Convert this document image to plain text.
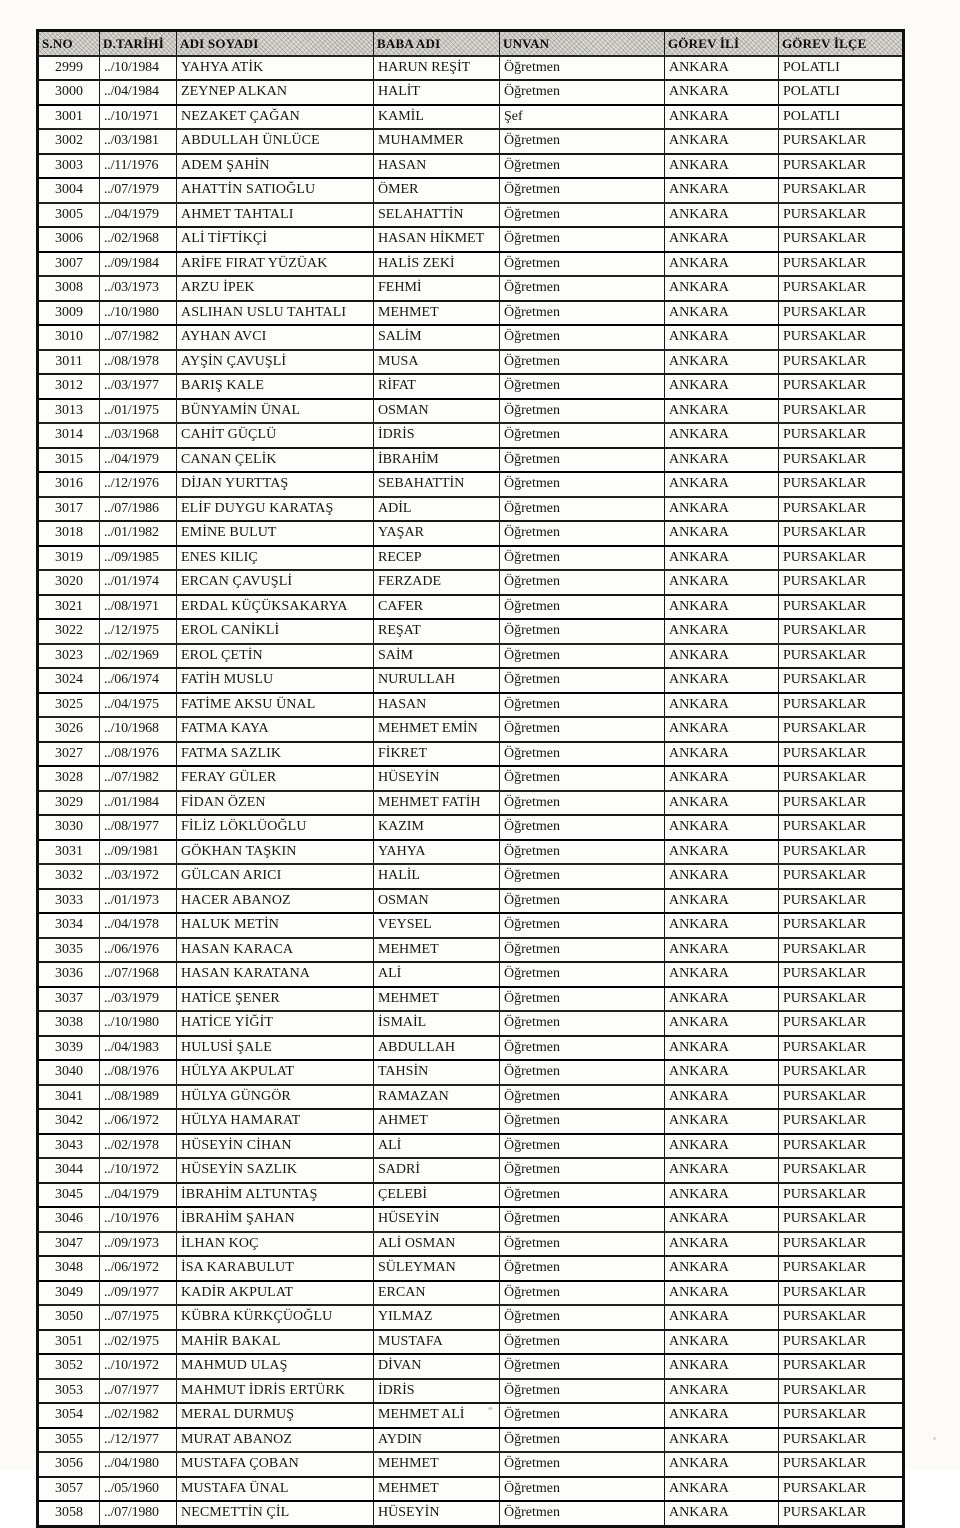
S.NO	D.TARİHİ	ADI SOYADI	BABA ADI	UNVAN	GÖREV İLİ	GÖREV İLÇE
2999	../10/1984	YAHYA ATİK	HARUN REŞİT	Öğretmen	ANKARA	POLATLI
3000	../04/1984	ZEYNEP ALKAN	HALİT	Öğretmen	ANKARA	POLATLI
3001	../10/1971	NEZAKET ÇAĞAN	KAMİL	Şef	ANKARA	POLATLI
3002	../03/1981	ABDULLAH ÜNLÜCE	MUHAMMER	Öğretmen	ANKARA	PURSAKLAR
3003	../11/1976	ADEM ŞAHİN	HASAN	Öğretmen	ANKARA	PURSAKLAR
3004	../07/1979	AHATTİN SATIOĞLU	ÖMER	Öğretmen	ANKARA	PURSAKLAR
3005	../04/1979	AHMET TAHTALI	SELAHATTİN	Öğretmen	ANKARA	PURSAKLAR
3006	../02/1968	ALİ TİFTİKÇİ	HASAN HİKMET	Öğretmen	ANKARA	PURSAKLAR
3007	../09/1984	ARİFE FIRAT YÜZÜAK	HALİS ZEKİ	Öğretmen	ANKARA	PURSAKLAR
3008	../03/1973	ARZU İPEK	FEHMİ	Öğretmen	ANKARA	PURSAKLAR
3009	../10/1980	ASLIHAN USLU TAHTALI	MEHMET	Öğretmen	ANKARA	PURSAKLAR
3010	../07/1982	AYHAN AVCI	SALİM	Öğretmen	ANKARA	PURSAKLAR
3011	../08/1978	AYŞİN ÇAVUŞLİ	MUSA	Öğretmen	ANKARA	PURSAKLAR
3012	../03/1977	BARIŞ KALE	RİFAT	Öğretmen	ANKARA	PURSAKLAR
3013	../01/1975	BÜNYAMİN ÜNAL	OSMAN	Öğretmen	ANKARA	PURSAKLAR
3014	../03/1968	CAHİT GÜÇLÜ	İDRİS	Öğretmen	ANKARA	PURSAKLAR
3015	../04/1979	CANAN ÇELİK	İBRAHİM	Öğretmen	ANKARA	PURSAKLAR
3016	../12/1976	DİJAN YURTTAŞ	SEBAHATTİN	Öğretmen	ANKARA	PURSAKLAR
3017	../07/1986	ELİF DUYGU KARATAŞ	ADİL	Öğretmen	ANKARA	PURSAKLAR
3018	../01/1982	EMİNE BULUT	YAŞAR	Öğretmen	ANKARA	PURSAKLAR
3019	../09/1985	ENES KILIÇ	RECEP	Öğretmen	ANKARA	PURSAKLAR
3020	../01/1974	ERCAN ÇAVUŞLİ	FERZADE	Öğretmen	ANKARA	PURSAKLAR
3021	../08/1971	ERDAL KÜÇÜKSAKARYA	CAFER	Öğretmen	ANKARA	PURSAKLAR
3022	../12/1975	EROL CANİKLİ	REŞAT	Öğretmen	ANKARA	PURSAKLAR
3023	../02/1969	EROL ÇETİN	SAİM	Öğretmen	ANKARA	PURSAKLAR
3024	../06/1974	FATİH MUSLU	NURULLAH	Öğretmen	ANKARA	PURSAKLAR
3025	../04/1975	FATİME AKSU ÜNAL	HASAN	Öğretmen	ANKARA	PURSAKLAR
3026	../10/1968	FATMA KAYA	MEHMET EMİN	Öğretmen	ANKARA	PURSAKLAR
3027	../08/1976	FATMA SAZLIK	FİKRET	Öğretmen	ANKARA	PURSAKLAR
3028	../07/1982	FERAY GÜLER	HÜSEYİN	Öğretmen	ANKARA	PURSAKLAR
3029	../01/1984	FİDAN ÖZEN	MEHMET FATİH	Öğretmen	ANKARA	PURSAKLAR
3030	../08/1977	FİLİZ LÖKLÜOĞLU	KAZIM	Öğretmen	ANKARA	PURSAKLAR
3031	../09/1981	GÖKHAN TAŞKIN	YAHYA	Öğretmen	ANKARA	PURSAKLAR
3032	../03/1972	GÜLCAN ARICI	HALİL	Öğretmen	ANKARA	PURSAKLAR
3033	../01/1973	HACER ABANOZ	OSMAN	Öğretmen	ANKARA	PURSAKLAR
3034	../04/1978	HALUK METİN	VEYSEL	Öğretmen	ANKARA	PURSAKLAR
3035	../06/1976	HASAN KARACA	MEHMET	Öğretmen	ANKARA	PURSAKLAR
3036	../07/1968	HASAN KARATANA	ALİ	Öğretmen	ANKARA	PURSAKLAR
3037	../03/1979	HATİCE ŞENER	MEHMET	Öğretmen	ANKARA	PURSAKLAR
3038	../10/1980	HATİCE YİĞİT	İSMAİL	Öğretmen	ANKARA	PURSAKLAR
3039	../04/1983	HULUSİ ŞALE	ABDULLAH	Öğretmen	ANKARA	PURSAKLAR
3040	../08/1976	HÜLYA AKPULAT	TAHSİN	Öğretmen	ANKARA	PURSAKLAR
3041	../08/1989	HÜLYA GÜNGÖR	RAMAZAN	Öğretmen	ANKARA	PURSAKLAR
3042	../06/1972	HÜLYA HAMARAT	AHMET	Öğretmen	ANKARA	PURSAKLAR
3043	../02/1978	HÜSEYİN CİHAN	ALİ	Öğretmen	ANKARA	PURSAKLAR
3044	../10/1972	HÜSEYİN SAZLIK	SADRİ	Öğretmen	ANKARA	PURSAKLAR
3045	../04/1979	İBRAHİM ALTUNTAŞ	ÇELEBİ	Öğretmen	ANKARA	PURSAKLAR
3046	../10/1976	İBRAHİM ŞAHAN	HÜSEYİN	Öğretmen	ANKARA	PURSAKLAR
3047	../09/1973	İLHAN KOÇ	ALİ OSMAN	Öğretmen	ANKARA	PURSAKLAR
3048	../06/1972	İSA KARABULUT	SÜLEYMAN	Öğretmen	ANKARA	PURSAKLAR
3049	../09/1977	KADİR AKPULAT	ERCAN	Öğretmen	ANKARA	PURSAKLAR
3050	../07/1975	KÜBRA KÜRKÇÜOĞLU	YILMAZ	Öğretmen	ANKARA	PURSAKLAR
3051	../02/1975	MAHİR BAKAL	MUSTAFA	Öğretmen	ANKARA	PURSAKLAR
3052	../10/1972	MAHMUD ULAŞ	DİVAN	Öğretmen	ANKARA	PURSAKLAR
3053	../07/1977	MAHMUT İDRİS ERTÜRK	İDRİS	Öğretmen	ANKARA	PURSAKLAR
3054	../02/1982	MERAL DURMUŞ	MEHMET ALİ	Öğretmen	ANKARA	PURSAKLAR
3055	../12/1977	MURAT ABANOZ	AYDIN	Öğretmen	ANKARA	PURSAKLAR
3056	../04/1980	MUSTAFA ÇOBAN	MEHMET	Öğretmen	ANKARA	PURSAKLAR
3057	../05/1960	MUSTAFA ÜNAL	MEHMET	Öğretmen	ANKARA	PURSAKLAR
3058	../07/1980	NECMETTİN ÇİL	HÜSEYİN	Öğretmen	ANKARA	PURSAKLAR
